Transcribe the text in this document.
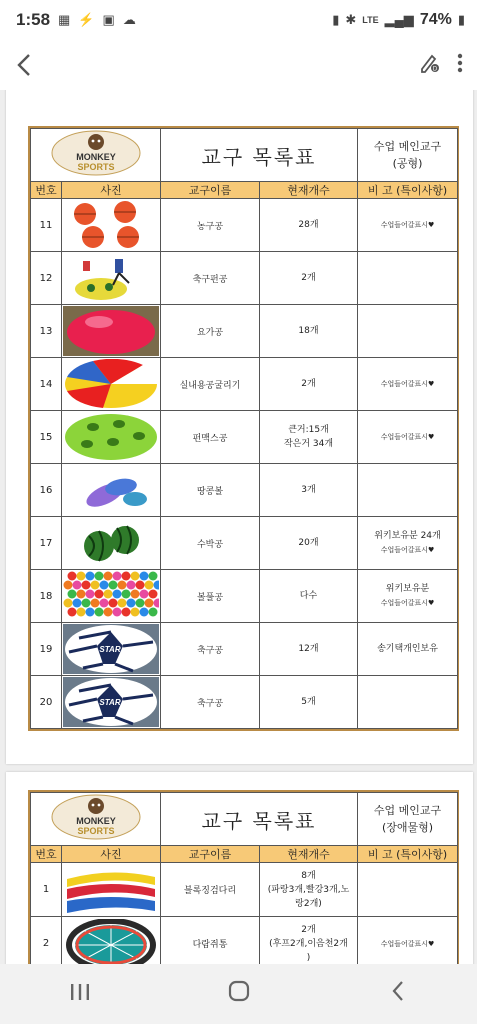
1:58 ▦ ⚡ ▣ ☁	▮ ✱ LTE ▂▄▆ 74% ▮
D
MONKEY
SPORTS		교구 목록표		수업 메인교구
(공형)
번호	사진	교구이름	현재개수	비 고 (특이사항)
11		농구공	28개	수업들어갈표시♥

12		축구펀공	2개	

13		요가공	18개	

14		실내용공굴리기	2개	수업들어갈표시♥

15		펀맥스공	큰거:15개
작은거 34개	수업들어갈표시♥

16		땅콩볼	3개	

17		수박공	20개	위키보유분 24개
수업들어갈표시♥

18		볼풀공	다수	위키보유분
수업들어갈표시♥

19	STAR	축구공	12개	송기택개인보유

20	STAR	축구공	5개	

MONKEY
SPORTS		교구 목록표		수업 메인교구
(장애물형)
번호	사진	교구이름	현재개수	비 고 (특이사항)
1		블록징검다리	8개
(파랑3개,빨강3개,노
랑2개)	

2		다람쥐통	2개
(후프2개,이음천2개
)	수업들어갈표시♥
